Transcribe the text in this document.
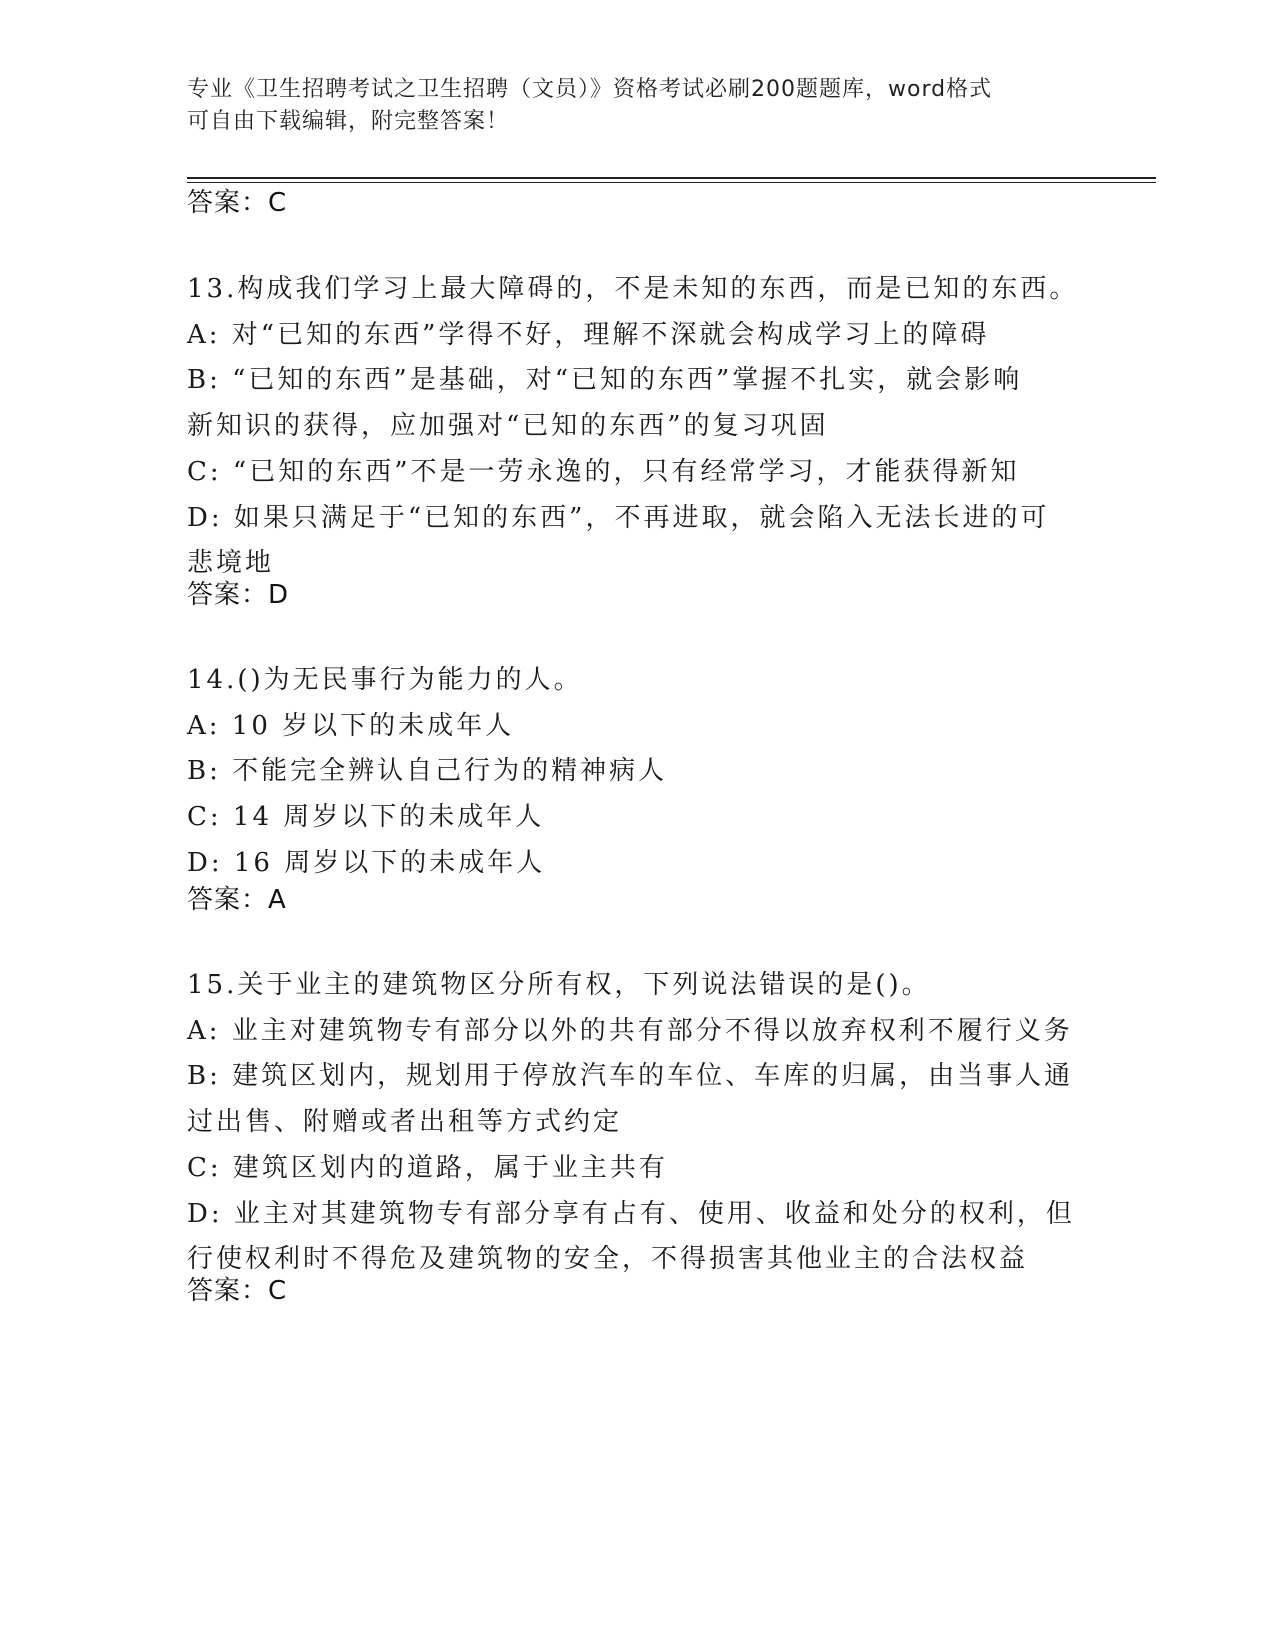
专业《卫生招聘考试之卫生招聘（文员）》资格考试必刷200题题库，word格式
可自由下载编辑，附完整答案！
答案：C
13.构成我们学习上最大障碍的，不是未知的东西，而是已知的东西。
A: 对“已知的东西”学得不好，理解不深就会构成学习上的障碍
B: “已知的东西”是基础，对“已知的东西”掌握不扎实，就会影响
新知识的获得，应加强对“已知的东西”的复习巩固
C: “已知的东西”不是一劳永逸的，只有经常学习，才能获得新知
D: 如果只满足于“已知的东西”，不再进取，就会陷入无法长进的可
悲境地
答案：D
14.()为无民事行为能力的人。
A: 10 岁以下的未成年人
B: 不能完全辨认自己行为的精神病人
C: 14 周岁以下的未成年人
D: 16 周岁以下的未成年人
答案：A
15.关于业主的建筑物区分所有权，下列说法错误的是()。
A: 业主对建筑物专有部分以外的共有部分不得以放弃权利不履行义务
B: 建筑区划内，规划用于停放汽车的车位、车库的归属，由当事人通
过出售、附赠或者出租等方式约定
C: 建筑区划内的道路，属于业主共有
D: 业主对其建筑物专有部分享有占有、使用、收益和处分的权利，但
行使权利时不得危及建筑物的安全，不得损害其他业主的合法权益
答案：C
